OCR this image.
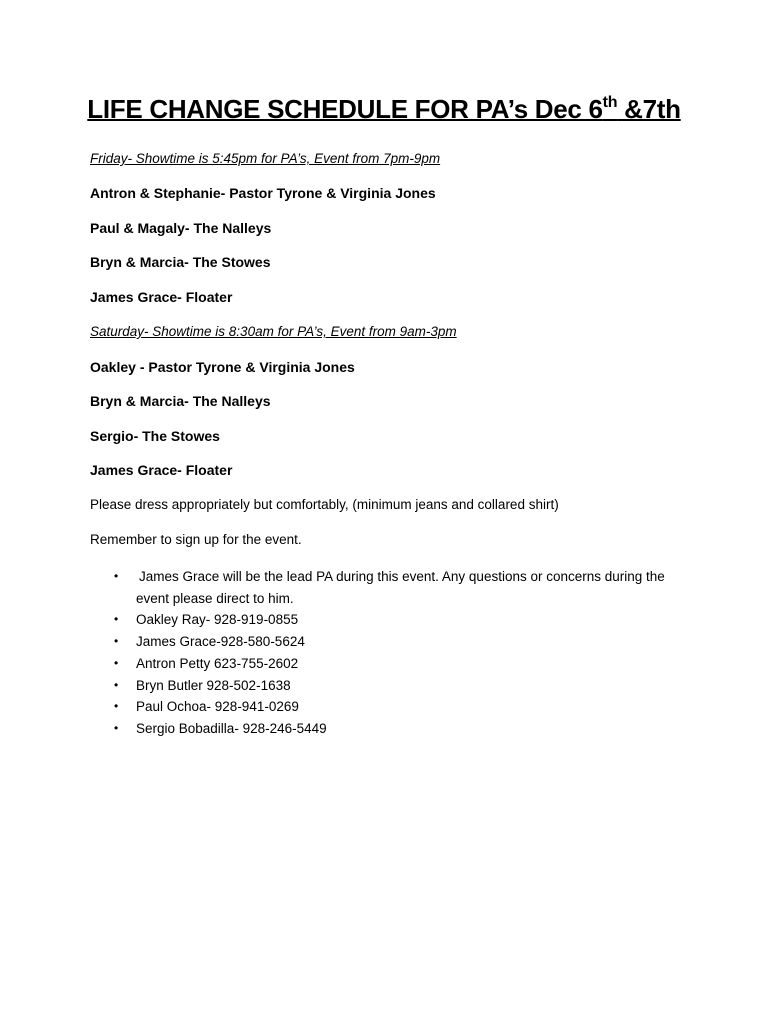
LIFE CHANGE SCHEDULE FOR PA’s Dec 6th &7th
Friday- Showtime is 5:45pm for PA’s, Event from 7pm-9pm
Antron & Stephanie- Pastor Tyrone & Virginia Jones
Paul & Magaly- The Nalleys
Bryn & Marcia- The Stowes
James Grace- Floater
Saturday- Showtime is 8:30am for PA’s, Event from 9am-3pm
Oakley - Pastor Tyrone & Virginia Jones
Bryn & Marcia- The Nalleys
Sergio- The Stowes
James Grace- Floater
Please dress appropriately but comfortably, (minimum jeans and collared shirt)
Remember to sign up for the event.
• James Grace will be the lead PA during this event. Any questions or concerns during the event please direct to him.
• Oakley Ray- 928-919-0855
• James Grace-928-580-5624
• Antron Petty 623-755-2602
• Bryn Butler 928-502-1638
• Paul Ochoa- 928-941-0269
• Sergio Bobadilla- 928-246-5449
